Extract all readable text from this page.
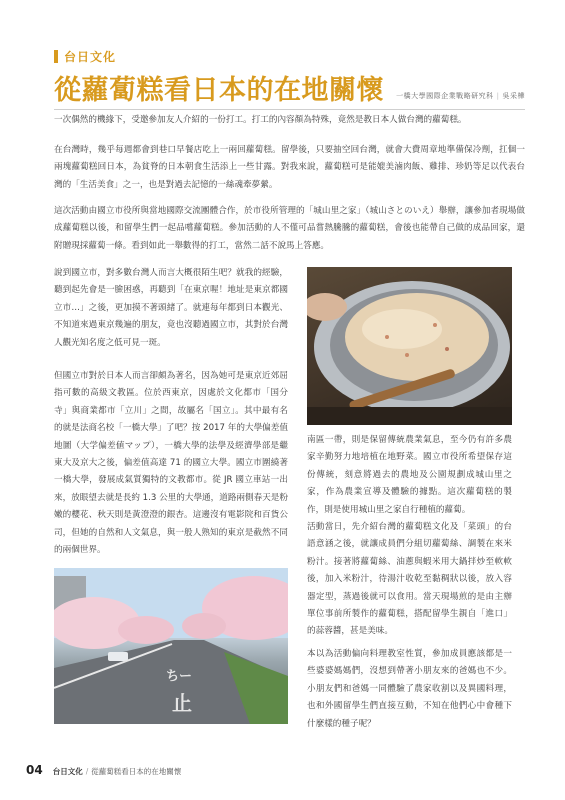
台日文化
從蘿蔔糕看日本的在地關懷 一橋大學國際企業戰略研究科 | 吳采樺
一次偶然的機緣下，受邀參加友人介紹的一份打工。打工的內容顏為特殊，竟然是教日本人做台灣的蘿蔔糕。
在台灣時，幾乎每週都會到巷口早餐店吃上一兩回蘿蔔糕。留學後，只要抽空回台灣，就會大費周章地準備保冷劑，扛個一兩塊蘿蔔糕回日本，為貧脊的日本朝食生活添上一些甘露。對我來說，蘿蔔糕可是能媲美滷肉飯、雞排、珍奶等足以代表台灣的「生活美食」之一，也是對過去記憶的一絲魂牽夢縈。
這次活動由國立市役所與當地國際交流團體合作，於市役所管理的「城山里之家」（城山さとのいえ）舉辦，讓參加者現場做成蘿蔔糕以後，和留學生們一起品嚐蘿蔔糕。參加活動的人不僅可品嘗熱騰騰的蘿蔔糕，會後也能帶自己做的成品回家，還附贈現採蘿蔔一條。看到如此一舉數得的打工，當然二話不說馬上答應。
說到國立市，對多數台灣人而言大概很陌生吧？就我的經驗，聽到起先會是一臉困惑，再聽到「在東京喔！地址是東京都國立市…」之後，更加摸不著頭緒了。就連每年都到日本觀光、不知道來過東京幾遍的朋友，竟也沒聽過國立市，其對於台灣人觀光知名度之低可見一斑。
但國立市對於日本人而言卻頗為著名，因為她可是東京近郊屈指可數的高級文教區。位於西東京，因處於文化都市「国分寺」與商業都市「立川」之間，故屬名「国立」。其中最有名的就是法商名校「一橋大學」了吧？按 2017 年的大學偏差值地圖（大学偏差値マップ），一橋大學的法學及經濟學部是繼東大及京大之後，偏差值高達 71 的國立大學。國立市圍繞著一橋大學，發展成氣質獨特的文教都市。從 JR 國立車站一出來，放眼望去就是長約 1.3 公里的大學通，道路兩側春天是粉嫩的櫻花、秋天則是黃澄澄的銀杏。這邊沒有電影院和百貨公司，但她的自然和人文氣息，與一般人熟知的東京是截然不同的兩個世界。
南區一帶，則是保留傳統農業氣息，至今仍有許多農家辛勤努力地培植在地野菜。國立市役所希望保存這份傳統，刻意將過去的農地及公園規劃成城山里之家，作為農業宣導及體驗的據點。這次蘿蔔糕的製作，則是使用城山里之家自行種植的蘿蔔。
活動當日，先介紹台灣的蘿蔔糕文化及「菜頭」的台語意涵之後，就讓成員們分組切蘿蔔絲、調製在來米粉汁。接著將蘿蔔絲、油蔥與蝦米用大鍋拌炒至軟軟後，加入米粉汁，待湯汁收乾至黏稠狀以後，放入容器定型，蒸過後就可以食用。當天現場煎的是由主辦單位事前所製作的蘿蔔糕，搭配留學生親自「進口」的蒜蓉醬，甚是美味。
本以為活動偏向料理教室性質，參加成員應該都是一些婆婆媽媽們，沒想到帶著小朋友來的爸媽也不少。小朋友們和爸媽一同體驗了農家收割以及異國料理，也和外國留學生們直接互動，不知在他們心中會種下什麼樣的種子呢？
ちー
止
04 台日文化 / 從蘿蔔糕看日本的在地關懷
